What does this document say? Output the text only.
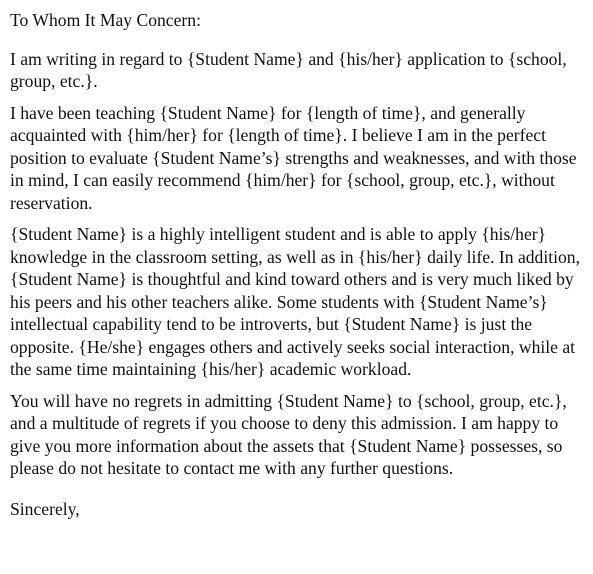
To Whom It May Concern:

I am writing in regard to {Student Name} and {his/her} application to {school, group, etc.}.

I have been teaching {Student Name} for {length of time}, and generally acquainted with {him/her} for {length of time}. I believe I am in the perfect position to evaluate {Student Name’s} strengths and weaknesses, and with those in mind, I can easily recommend {him/her} for {school, group, etc.}, without reservation.

{Student Name} is a highly intelligent student and is able to apply {his/her} knowledge in the classroom setting, as well as in {his/her} daily life. In addition, {Student Name} is thoughtful and kind toward others and is very much liked by his peers and his other teachers alike. Some students with {Student Name’s} intellectual capability tend to be introverts, but {Student Name} is just the opposite. {He/she} engages others and actively seeks social interaction, while at the same time maintaining {his/her} academic workload.

You will have no regrets in admitting {Student Name} to {school, group, etc.}, and a multitude of regrets if you choose to deny this admission. I am happy to give you more information about the assets that {Student Name} possesses, so please do not hesitate to contact me with any further questions.

Sincerely,
